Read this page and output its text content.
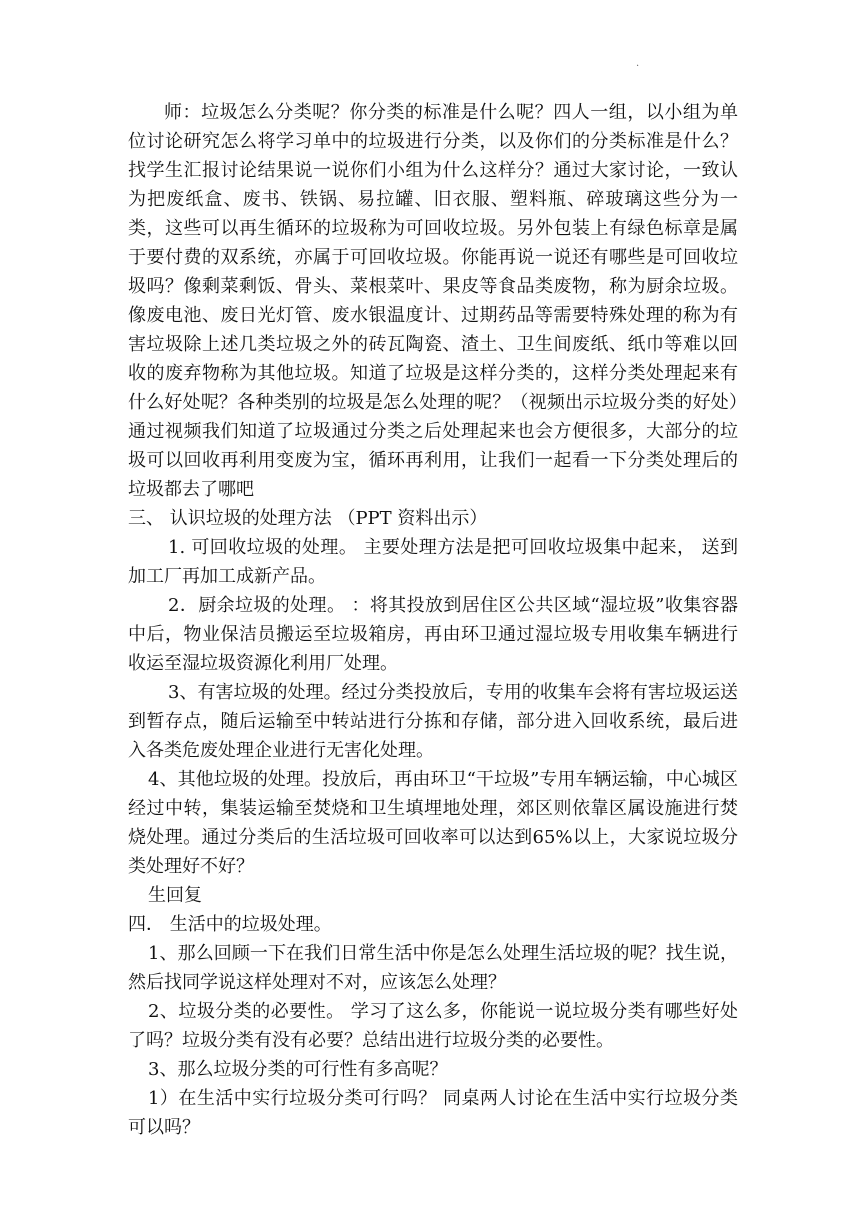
.

师：垃圾怎么分类呢？你分类的标准是什么呢？四人一组，以小组为单位讨论研究怎么将学习单中的垃圾进行分类，以及你们的分类标准是什么？找学生汇报讨论结果说一说你们小组为什么这样分？通过大家讨论，一致认为把废纸盒、废书、铁锅、易拉罐、旧衣服、塑料瓶、碎玻璃这些分为一类，这些可以再生循环的垃圾称为可回收垃圾。另外包装上有绿色标章是属于要付费的双系统，亦属于可回收垃圾。你能再说一说还有哪些是可回收垃圾吗？像剩菜剩饭、骨头、菜根菜叶、果皮等食品类废物，称为厨余垃圾。像废电池、废日光灯管、废水银温度计、过期药品等需要特殊处理的称为有害垃圾除上述几类垃圾之外的砖瓦陶瓷、渣土、卫生间废纸、纸巾等难以回收的废弃物称为其他垃圾。知道了垃圾是这样分类的，这样分类处理起来有什么好处呢？各种类别的垃圾是怎么处理的呢？（视频出示垃圾分类的好处）通过视频我们知道了垃圾通过分类之后处理起来也会方便很多，大部分的垃圾可以回收再利用变废为宝，循环再利用，让我们一起看一下分类处理后的垃圾都去了哪吧

三、 认识垃圾的处理方法 （PPT 资料出示）

1. 可回收垃圾的处理。 主要处理方法是把可回收垃圾集中起来， 送到加工厂再加工成新产品。

2．厨余垃圾的处理。 ：将其投放到居住区公共区域“湿垃圾”收集容器中后，物业保洁员搬运至垃圾箱房，再由环卫通过湿垃圾专用收集车辆进行收运至湿垃圾资源化利用厂处理。

3、有害垃圾的处理。经过分类投放后，专用的收集车会将有害垃圾运送到暂存点，随后运输至中转站进行分拣和存储，部分进入回收系统，最后进入各类危废处理企业进行无害化处理。

4、其他垃圾的处理。投放后，再由环卫“干垃圾”专用车辆运输，中心城区经过中转，集装运输至焚烧和卫生填埋地处理，郊区则依靠区属设施进行焚烧处理。通过分类后的生活垃圾可回收率可以达到65%以上，大家说垃圾分类处理好不好？

生回复

四． 生活中的垃圾处理。

1、那么回顾一下在我们日常生活中你是怎么处理生活垃圾的呢？找生说，然后找同学说这样处理对不对，应该怎么处理？

2、垃圾分类的必要性。 学习了这么多，你能说一说垃圾分类有哪些好处了吗？垃圾分类有没有必要？总结出进行垃圾分类的必要性。

3、那么垃圾分类的可行性有多高呢？

1）在生活中实行垃圾分类可行吗？ 同桌两人讨论在生活中实行垃圾分类可以吗？
